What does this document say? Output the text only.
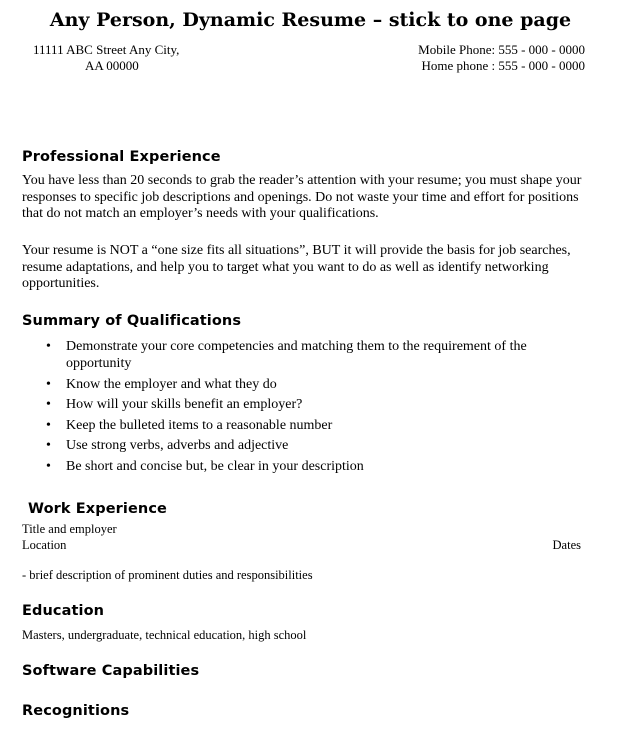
Any Person, Dynamic Resume – stick to one page
11111 ABC Street Any City,
AA 00000
Mobile Phone: 555 - 000 - 0000
Home phone : 555 - 000 - 0000
Professional Experience
You have less than 20 seconds to grab the reader’s attention with your resume; you must shape your responses to specific job descriptions and openings. Do not waste your time and effort for positions that do not match an employer’s needs with your qualifications.
Your resume is NOT a “one size fits all situations”, BUT it will provide the basis for job searches, resume adaptations, and help you to target what you want to do as well as identify networking opportunities.
Summary of Qualifications
• Demonstrate your core competencies and matching them to the requirement of the opportunity
• Know the employer and what they do
• How will your skills benefit an employer?
• Keep the bulleted items to a reasonable number
• Use strong verbs, adverbs and adjective
• Be short and concise but, be clear in your description
Work Experience
Title and employer
Location	Dates
- brief description of prominent duties and responsibilities
Education
Masters, undergraduate, technical education, high school
Software Capabilities
Recognitions
